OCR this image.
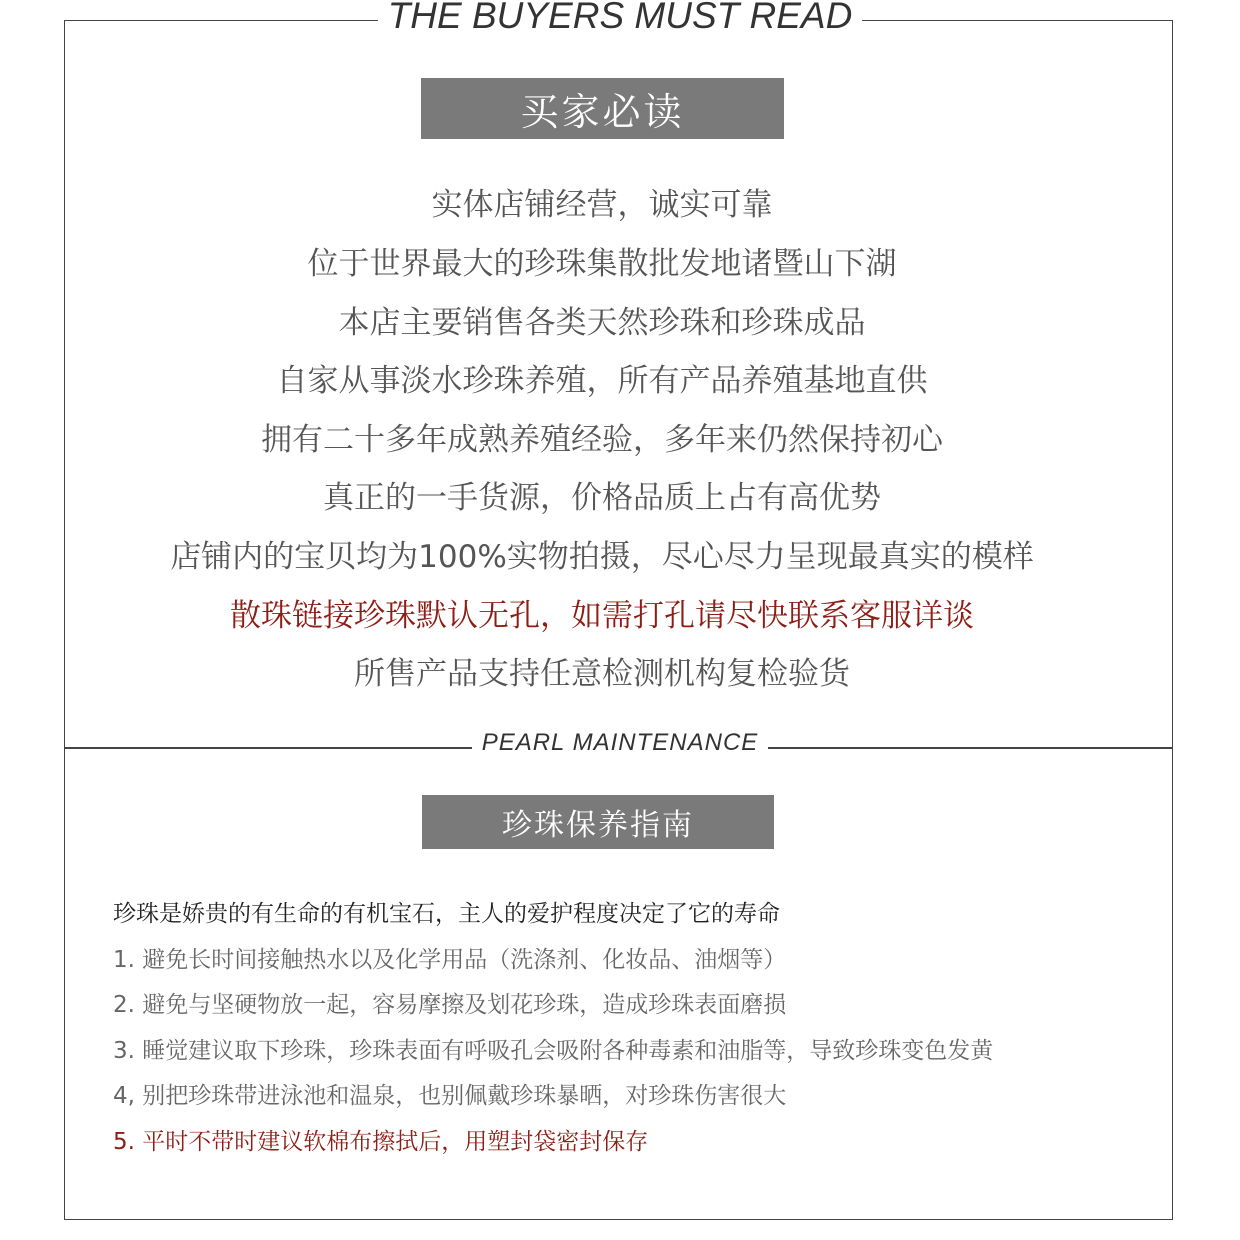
THE BUYERS MUST READ
买家必读
实体店铺经营，诚实可靠
位于世界最大的珍珠集散批发地诸暨山下湖
本店主要销售各类天然珍珠和珍珠成品
自家从事淡水珍珠养殖，所有产品养殖基地直供
拥有二十多年成熟养殖经验，多年来仍然保持初心
真正的一手货源，价格品质上占有高优势
店铺内的宝贝均为100%实物拍摄，尽心尽力呈现最真实的模样
散珠链接珍珠默认无孔，如需打孔请尽快联系客服详谈
所售产品支持任意检测机构复检验货
PEARL MAINTENANCE
珍珠保养指南
珍珠是娇贵的有生命的有机宝石，主人的爱护程度决定了它的寿命
1. 避免长时间接触热水以及化学用品（洗涤剂、化妆品、油烟等）
2. 避免与坚硬物放一起，容易摩擦及划花珍珠，造成珍珠表面磨损
3. 睡觉建议取下珍珠，珍珠表面有呼吸孔会吸附各种毒素和油脂等，导致珍珠变色发黄
4, 别把珍珠带进泳池和温泉，也别佩戴珍珠暴晒，对珍珠伤害很大
5. 平时不带时建议软棉布擦拭后，用塑封袋密封保存
